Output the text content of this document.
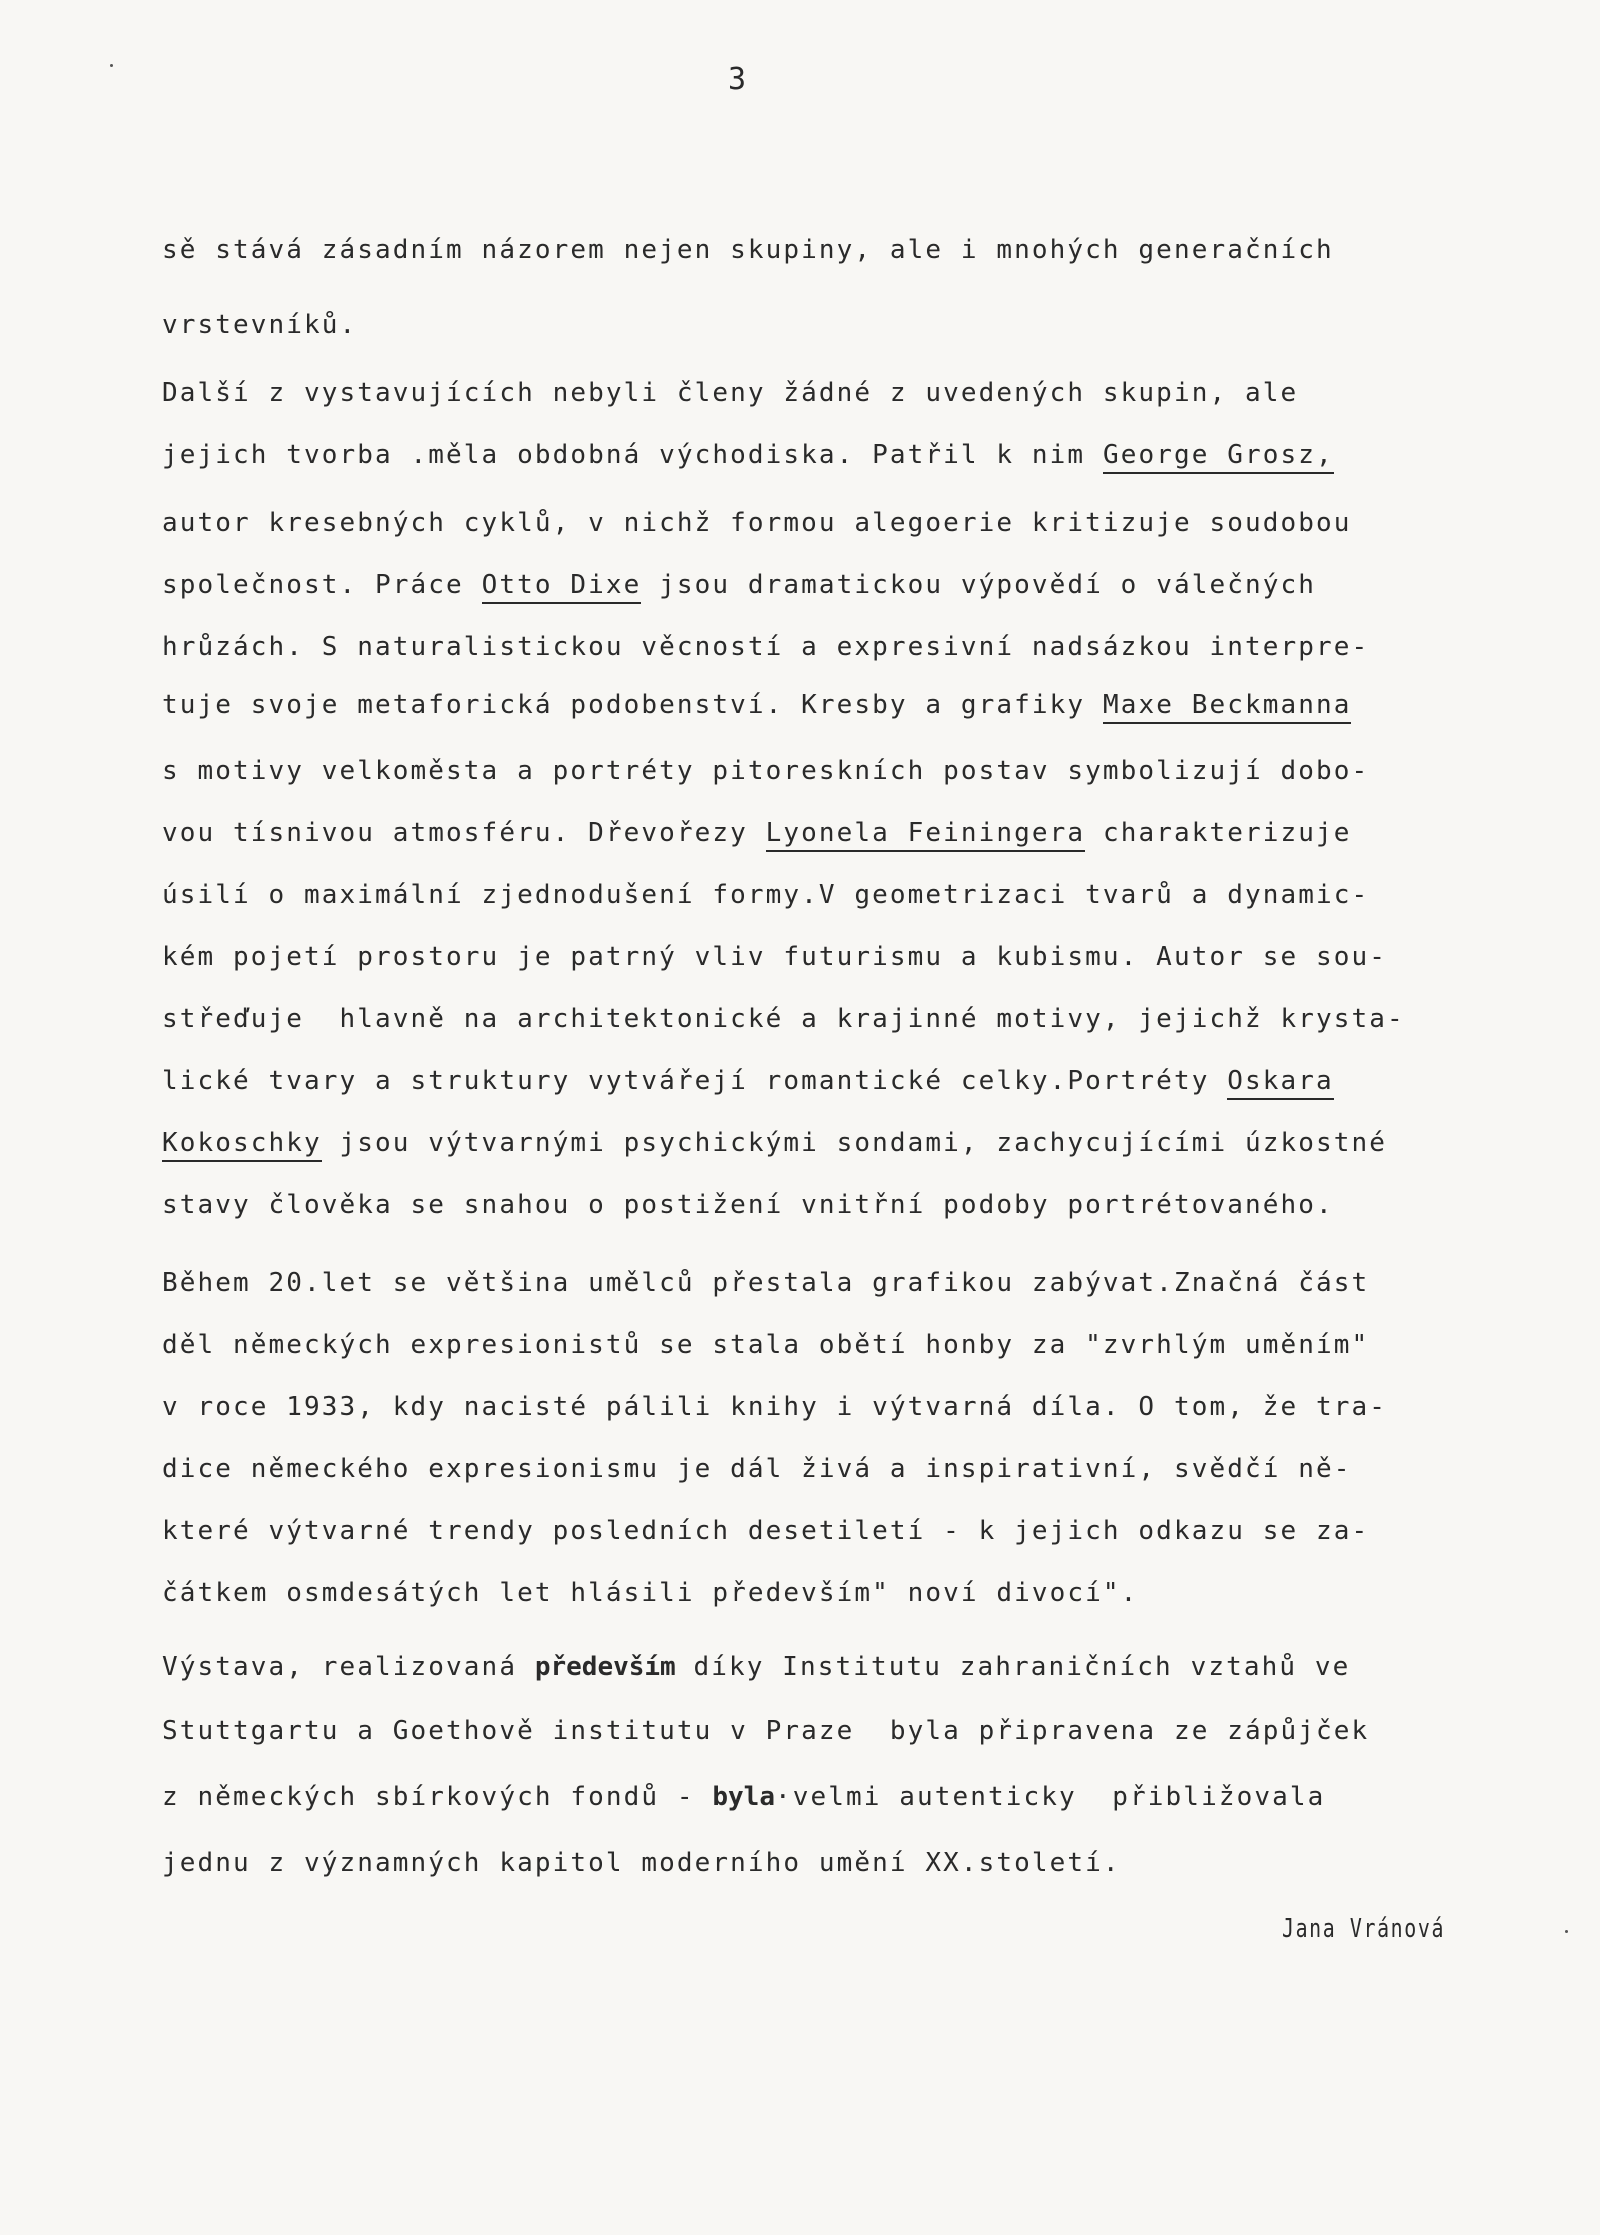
3
sě stává zásadním názorem nejen skupiny, ale i mnohých generačních
vrstevníků.
Další z vystavujících nebyli členy žádné z uvedených skupin, ale
jejich tvorba .měla obdobná východiska. Patřil k nim George Grosz,
autor kresebných cyklů, v nichž formou alegoerie kritizuje soudobou
společnost. Práce Otto Dixe jsou dramatickou výpovědí o válečných
hrůzách. S naturalistickou věcností a expresivní nadsázkou interpre-
tuje svoje metaforická podobenství. Kresby a grafiky Maxe Beckmanna
s motivy velkoměsta a portréty pitoreskních postav symbolizují dobo-
vou tísnivou atmosféru. Dřevořezy Lyonela Feiningera charakterizuje
úsilí o maximální zjednodušení formy.V geometrizaci tvarů a dynamic-
kém pojetí prostoru je patrný vliv futurismu a kubismu. Autor se sou-
střeďuje  hlavně na architektonické a krajinné motivy, jejichž krysta-
lické tvary a struktury vytvářejí romantické celky.Portréty Oskara
Kokoschky jsou výtvarnými psychickými sondami, zachycujícími úzkostné
stavy člověka se snahou o postižení vnitřní podoby portrétovaného.
Během 20.let se většina umělců přestala grafikou zabývat.Značná část
děl německých expresionistů se stala obětí honby za "zvrhlým uměním"
v roce 1933, kdy nacisté pálili knihy i výtvarná díla. O tom, že tra-
dice německého expresionismu je dál živá a inspirativní, svědčí ně-
které výtvarné trendy posledních desetiletí - k jejich odkazu se za-
čátkem osmdesátých let hlásili především" noví divocí".
Výstava, realizovaná především díky Institutu zahraničních vztahů ve
Stuttgartu a Goethově institutu v Praze  byla připravena ze zápůjček
z německých sbírkových fondů - byla·velmi autenticky  přibližovala
jednu z významných kapitol moderního umění XX.století.
Jana Vránová
